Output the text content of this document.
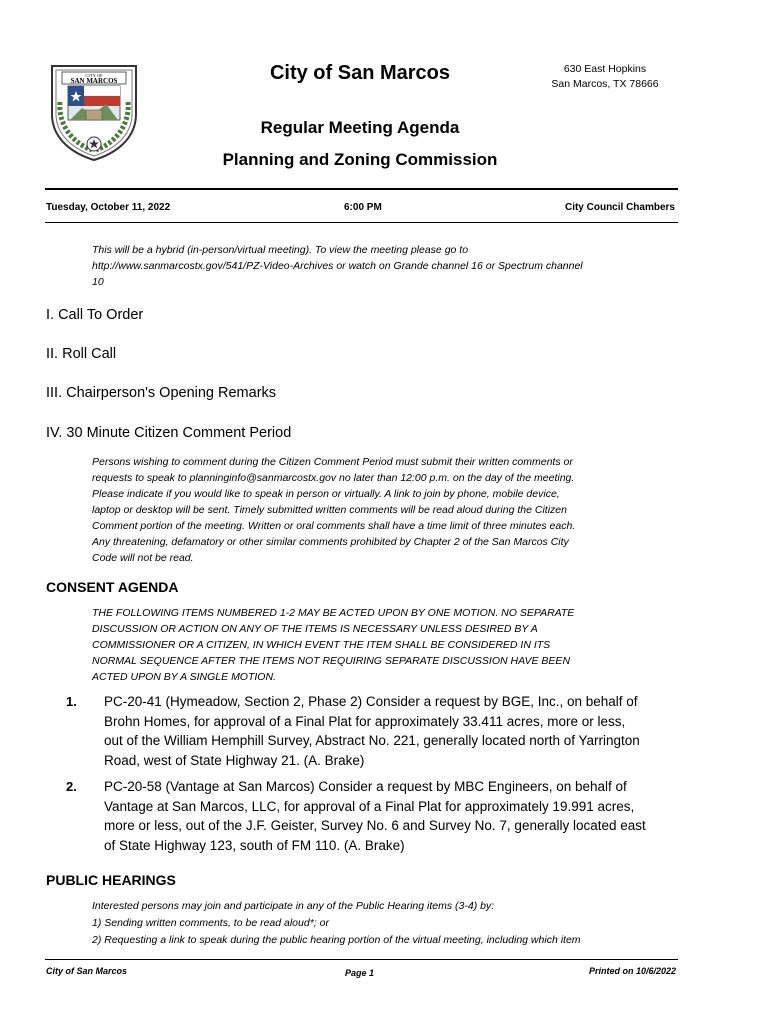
CITY OF
SAN MARCOS	City of San Marcos	630 East Hopkins
San Marcos, TX 78666
Regular Meeting Agenda
Planning and Zoning Commission
Tuesday, October 11, 2022	6:00 PM	City Council Chambers
This will be a hybrid (in-person/virtual meeting). To view the meeting please go to
http://www.sanmarcostx.gov/541/PZ-Video-Archives or watch on Grande channel 16 or Spectrum channel
10
I. Call To Order
II. Roll Call
III. Chairperson's Opening Remarks
IV. 30 Minute Citizen Comment Period
Persons wishing to comment during the Citizen Comment Period must submit their written comments or
requests to speak to planninginfo@sanmarcostx.gov no later than 12:00 p.m. on the day of the meeting.
Please indicate if you would like to speak in person or virtually. A link to join by phone, mobile device,
laptop or desktop will be sent. Timely submitted written comments will be read aloud during the Citizen
Comment portion of the meeting. Written or oral comments shall have a time limit of three minutes each.
Any threatening, defamatory or other similar comments prohibited by Chapter 2 of the San Marcos City
Code will not be read.
CONSENT AGENDA
THE FOLLOWING ITEMS NUMBERED 1-2 MAY BE ACTED UPON BY ONE MOTION. NO SEPARATE
DISCUSSION OR ACTION ON ANY OF THE ITEMS IS NECESSARY UNLESS DESIRED BY A
COMMISSIONER OR A CITIZEN, IN WHICH EVENT THE ITEM SHALL BE CONSIDERED IN ITS
NORMAL SEQUENCE AFTER THE ITEMS NOT REQUIRING SEPARATE DISCUSSION HAVE BEEN
ACTED UPON BY A SINGLE MOTION.
1. PC-20-41 (Hymeadow, Section 2, Phase 2) Consider a request by BGE, Inc., on behalf of
Brohn Homes, for approval of a Final Plat for approximately 33.411 acres, more or less,
out of the William Hemphill Survey, Abstract No. 221, generally located north of Yarrington
Road, west of State Highway 21. (A. Brake)
2. PC-20-58 (Vantage at San Marcos) Consider a request by MBC Engineers, on behalf of
Vantage at San Marcos, LLC, for approval of a Final Plat for approximately 19.991 acres,
more or less, out of the J.F. Geister, Survey No. 6 and Survey No. 7, generally located east
of State Highway 123, south of FM 110. (A. Brake)
PUBLIC HEARINGS
Interested persons may join and participate in any of the Public Hearing items (3-4) by:
1) Sending written comments, to be read aloud*; or
2) Requesting a link to speak during the public hearing portion of the virtual meeting, including which item
City of San Marcos	Page 1	Printed on 10/6/2022
